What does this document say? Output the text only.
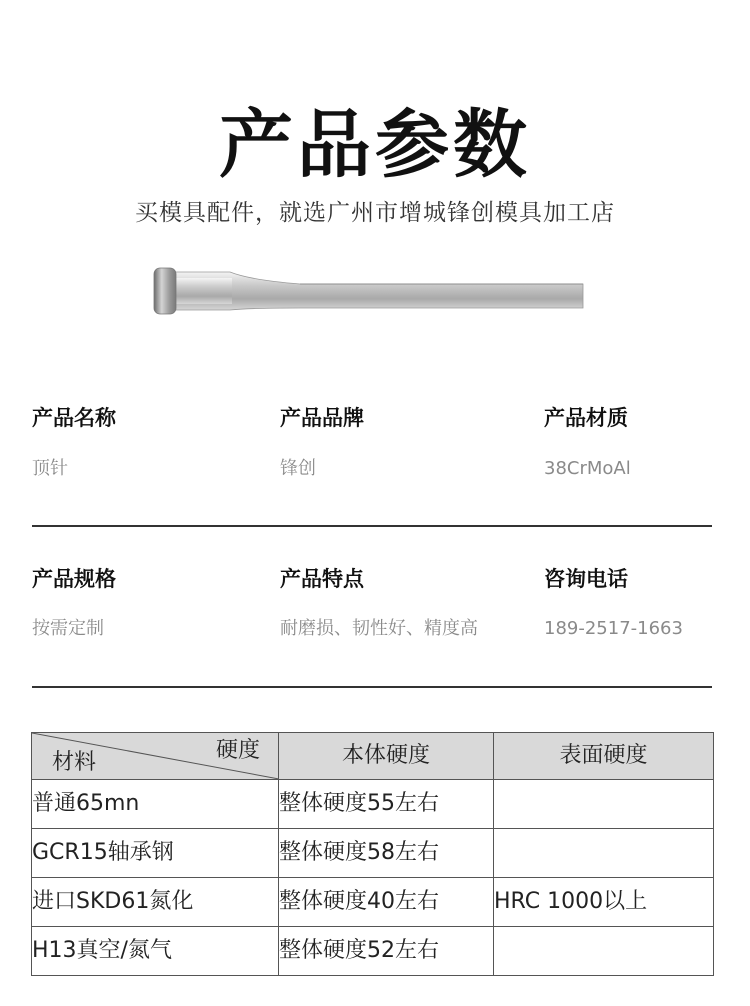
产品参数
买模具配件，就选广州市增城锋创模具加工店
产品名称
顶针
产品品牌
锋创
产品材质
38CrMoAl
产品规格
按需定制
产品特点
耐磨损、韧性好、精度高
咨询电话
189-2517-1663
硬度
材料	本体硬度	表面硬度
普通65mn	整体硬度55左右	
GCR15轴承钢	整体硬度58左右	
进口SKD61氮化	整体硬度40左右	HRC 1000以上
H13真空/氮气	整体硬度52左右	
